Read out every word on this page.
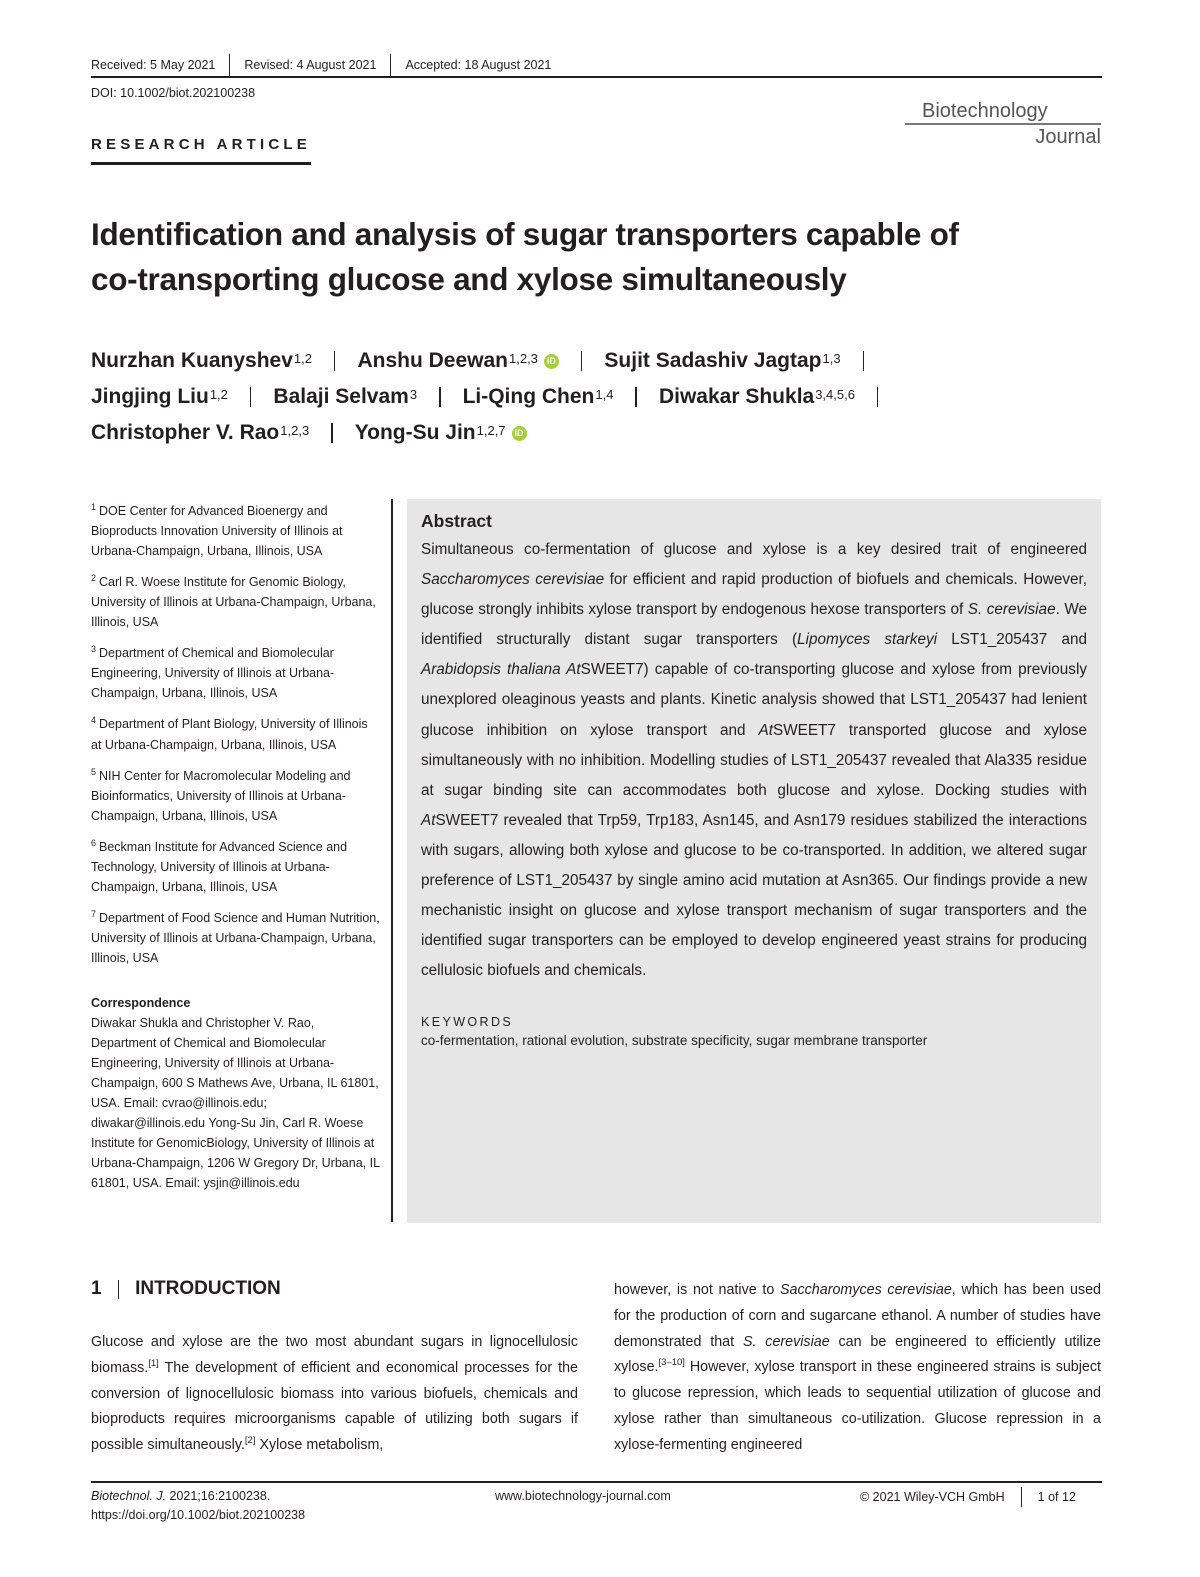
Received: 5 May 2021 Revised: 4 August 2021 Accepted: 18 August 2021
DOI: 10.1002/biot.202100238
Biotechnology
Journal
RESEARCH ARTICLE
Identification and analysis of sugar transporters capable of
co-transporting glucose and xylose simultaneously
Nurzhan Kuanyshev$^{1,2}$ Anshu Deewan$^{1,2,3}$	iD Sujit Sadashiv Jagtap$^{1,3}$
Jingjing Liu$^{1,2}$ Balaji Selvam$^3$ Li-Qing Chen$^{1,4}$ Diwakar Shukla$^{3,4,5,6}$
Christopher V. Rao$^{1,2,3}$ Yong-Su Jin$^{1,2,7}$	iD
$^1$ DOE Center for Advanced Bioenergy and Bioproducts Innovation University of Illinois at Urbana-Champaign, Urbana, Illinois, USA
$^2$ Carl R. Woese Institute for Genomic Biology, University of Illinois at Urbana-Champaign, Urbana, Illinois, USA
$^3$ Department of Chemical and Biomolecular Engineering, University of Illinois at Urbana-Champaign, Urbana, Illinois, USA
$^4$ Department of Plant Biology, University of Illinois at Urbana-Champaign, Urbana, Illinois, USA
$^5$ NIH Center for Macromolecular Modeling and Bioinformatics, University of Illinois at Urbana-Champaign, Urbana, Illinois, USA
$^6$ Beckman Institute for Advanced Science and Technology, University of Illinois at Urbana-Champaign, Urbana, Illinois, USA
$^7$ Department of Food Science and Human Nutrition, University of Illinois at Urbana-Champaign, Urbana, Illinois, USA
Correspondence
Diwakar Shukla and Christopher V. Rao, Department of Chemical and Biomolecular Engineering, University of Illinois at Urbana-Champaign, 600 S Mathews Ave, Urbana, IL 61801, USA. Email: cvrao@illinois.edu; diwakar@illinois.edu Yong-Su Jin, Carl R. Woese Institute for GenomicBiology, University of Illinois at Urbana-Champaign, 1206 W Gregory Dr, Urbana, IL 61801, USA. Email: ysjin@illinois.edu
Abstract
Simultaneous co-fermentation of glucose and xylose is a key desired trait of engineered Saccharomyces cerevisiae for efficient and rapid production of biofuels and chemicals. However, glucose strongly inhibits xylose transport by endogenous hexose transporters of S. cerevisiae. We identified structurally distant sugar transporters (Lipomyces starkeyi LST1_205437 and Arabidopsis thaliana AtSWEET7) capable of co-transporting glucose and xylose from previously unexplored oleaginous yeasts and plants. Kinetic analysis showed that LST1_205437 had lenient glucose inhibition on xylose transport and AtSWEET7 transported glucose and xylose simultaneously with no inhibition. Modelling studies of LST1_205437 revealed that Ala335 residue at sugar binding site can accommodates both glucose and xylose. Docking studies with AtSWEET7 revealed that Trp59, Trp183, Asn145, and Asn179 residues stabilized the interactions with sugars, allowing both xylose and glucose to be co-transported. In addition, we altered sugar preference of LST1_205437 by single amino acid mutation at Asn365. Our findings provide a new mechanistic insight on glucose and xylose transport mechanism of sugar transporters and the identified sugar transporters can be employed to develop engineered yeast strains for producing cellulosic biofuels and chemicals.
KEYWORDS
co-fermentation, rational evolution, substrate specificity, sugar membrane transporter
1 INTRODUCTION
Glucose and xylose are the two most abundant sugars in lignocellulosic biomass.[1] The development of efficient and economical processes for the conversion of lignocellulosic biomass into various biofuels, chemicals and bioproducts requires microorganisms capable of utilizing both sugars if possible simultaneously.[2] Xylose metabolism,
however, is not native to Saccharomyces cerevisiae, which has been used for the production of corn and sugarcane ethanol. A number of studies have demonstrated that S. cerevisiae can be engineered to efficiently utilize xylose.[3–10] However, xylose transport in these engineered strains is subject to glucose repression, which leads to sequential utilization of glucose and xylose rather than simultaneous co-utilization. Glucose repression in a xylose-fermenting engineered
Biotechnol. J. 2021;16:2100238.
https://doi.org/10.1002/biot.202100238
www.biotechnology-journal.com	© 2021 Wiley-VCH GmbH	1 of 12
